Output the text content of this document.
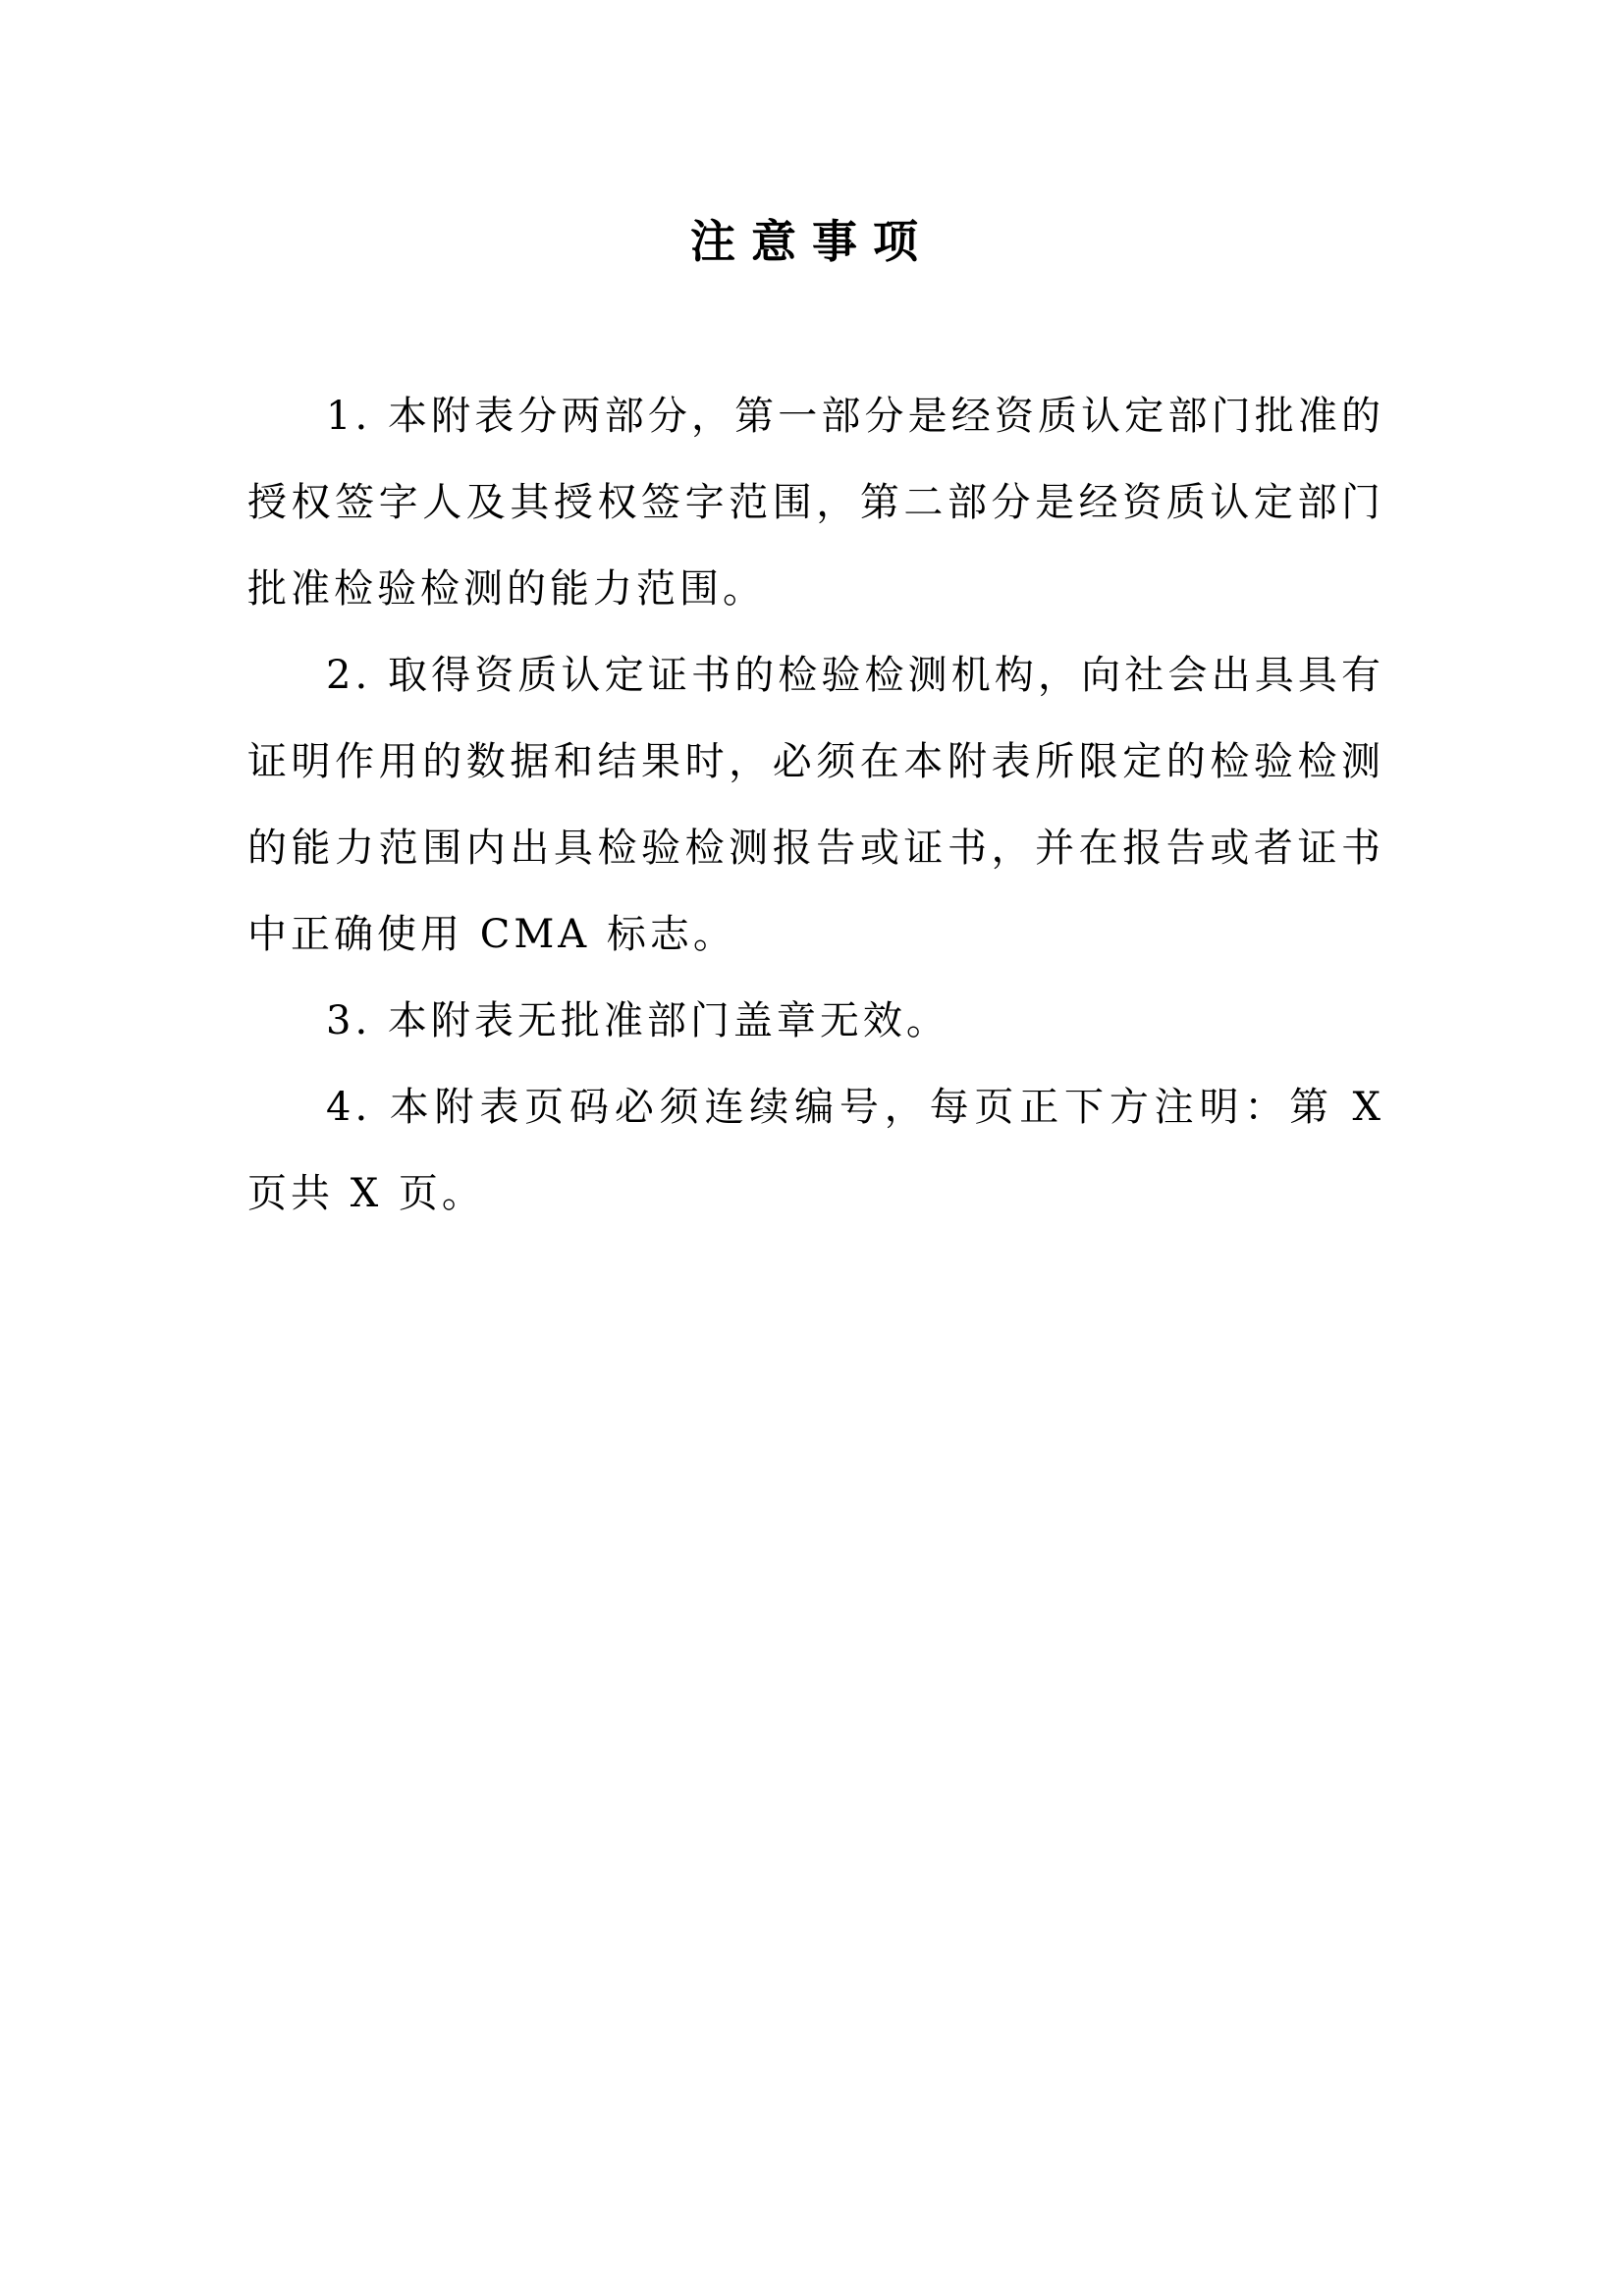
注意事项

1. 本附表分两部分，第一部分是经资质认定部门批准的授权签字人及其授权签字范围，第二部分是经资质认定部门批准检验检测的能力范围。

2. 取得资质认定证书的检验检测机构，向社会出具具有证明作用的数据和结果时，必须在本附表所限定的检验检测的能力范围内出具检验检测报告或证书，并在报告或者证书中正确使用 CMA 标志。

3. 本附表无批准部门盖章无效。

4. 本附表页码必须连续编号，每页正下方注明：第 X 页共 X 页。
